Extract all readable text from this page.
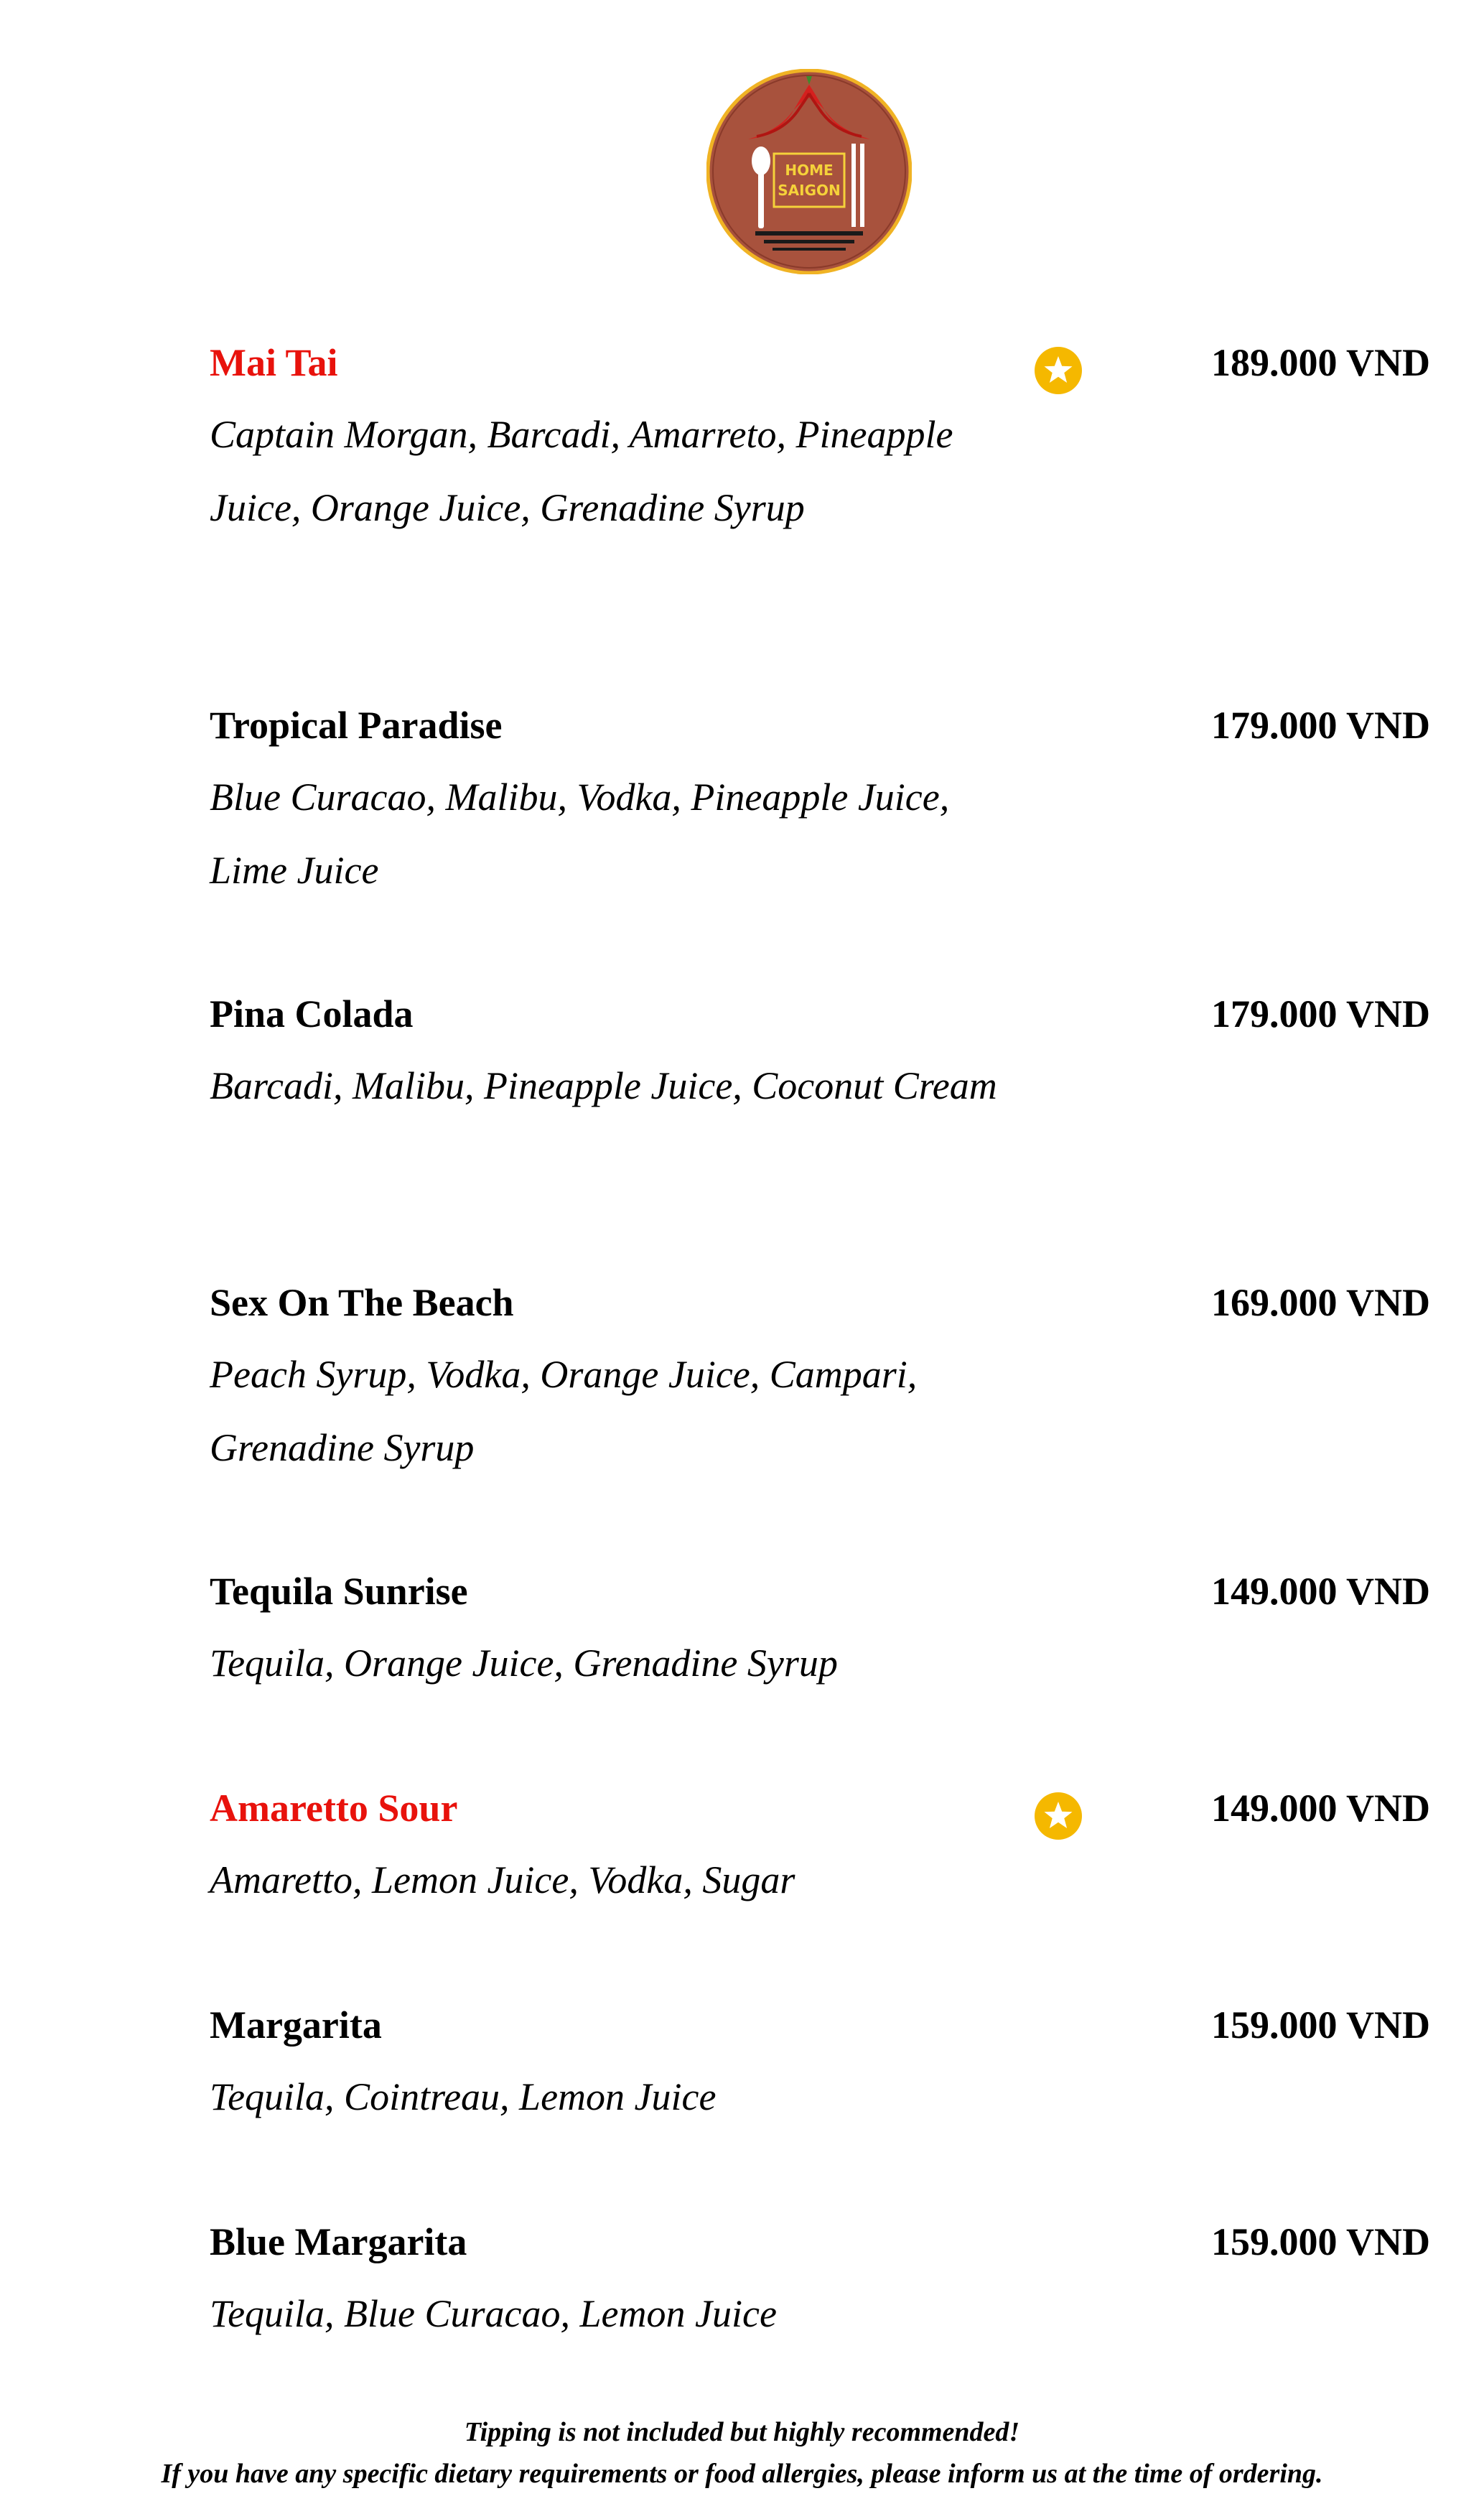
HOME
SAIGON
Mai Tai	189.000 VND
Captain Morgan, Barcadi, Amarreto, Pineapple Juice, Orange Juice, Grenadine Syrup
Tropical Paradise	179.000 VND
Blue Curacao, Malibu, Vodka, Pineapple Juice, Lime Juice
Pina Colada	179.000 VND
Barcadi, Malibu, Pineapple Juice, Coconut Cream
Sex On The Beach	169.000 VND
Peach Syrup, Vodka, Orange Juice, Campari, Grenadine Syrup
Tequila Sunrise	149.000 VND
Tequila, Orange Juice, Grenadine Syrup
Amaretto Sour	149.000 VND
Amaretto, Lemon Juice, Vodka, Sugar
Margarita	159.000 VND
Tequila, Cointreau, Lemon Juice
Blue Margarita	159.000 VND
Tequila, Blue Curacao, Lemon Juice
Tipping is not included but highly recommended!
If you have any specific dietary requirements or food allergies, please inform us at the time of ordering.
